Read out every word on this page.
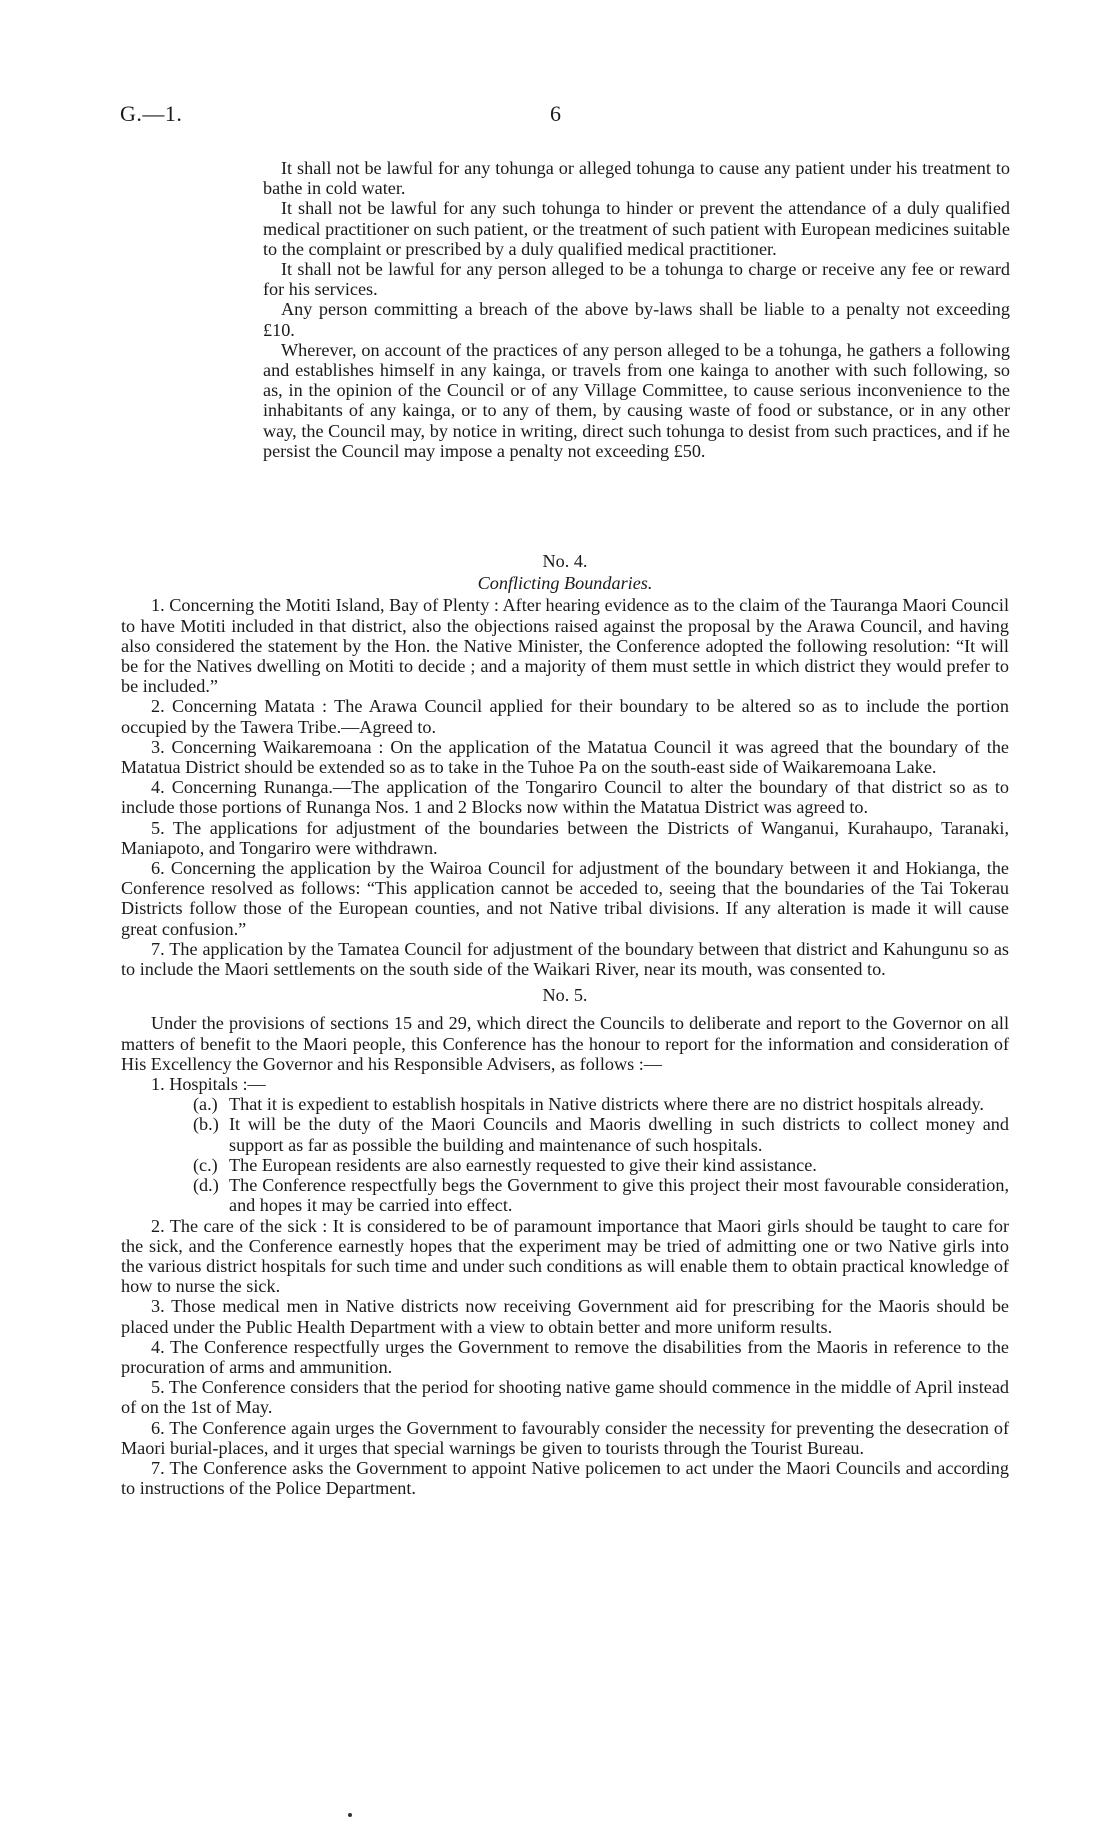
G.—1.	6

It shall not be lawful for any tohunga or alleged tohunga to cause any patient under his treatment to bathe in cold water.

It shall not be lawful for any such tohunga to hinder or prevent the attendance of a duly qualified medical practitioner on such patient, or the treatment of such patient with European medicines suitable to the complaint or prescribed by a duly qualified medical practitioner.

It shall not be lawful for any person alleged to be a tohunga to charge or receive any fee or reward for his services.

Any person committing a breach of the above by-laws shall be liable to a penalty not exceeding £10.

Wherever, on account of the practices of any person alleged to be a tohunga, he gathers a following and establishes himself in any kainga, or travels from one kainga to another with such following, so as, in the opinion of the Council or of any Village Committee, to cause serious inconvenience to the inhabitants of any kainga, or to any of them, by causing waste of food or substance, or in any other way, the Council may, by notice in writing, direct such tohunga to desist from such practices, and if he persist the Council may impose a penalty not exceeding £50.

No. 4.

Conflicting Boundaries.

1. Concerning the Motiti Island, Bay of Plenty : After hearing evidence as to the claim of the Tauranga Maori Council to have Motiti included in that district, also the objections raised against the proposal by the Arawa Council, and having also considered the statement by the Hon. the Native Minister, the Conference adopted the following resolution: “It will be for the Natives dwelling on Motiti to decide ; and a majority of them must settle in which district they would prefer to be included.”

2. Concerning Matata : The Arawa Council applied for their boundary to be altered so as to include the portion occupied by the Tawera Tribe.—Agreed to.

3. Concerning Waikaremoana : On the application of the Matatua Council it was agreed that the boundary of the Matatua District should be extended so as to take in the Tuhoe Pa on the south-east side of Waikaremoana Lake.

4. Concerning Runanga.—The application of the Tongariro Council to alter the boundary of that district so as to include those portions of Runanga Nos. 1 and 2 Blocks now within the Matatua District was agreed to.

5. The applications for adjustment of the boundaries between the Districts of Wanganui, Kurahaupo, Taranaki, Maniapoto, and Tongariro were withdrawn.

6. Concerning the application by the Wairoa Council for adjustment of the boundary between it and Hokianga, the Conference resolved as follows: “This application cannot be acceded to, seeing that the boundaries of the Tai Tokerau Districts follow those of the European counties, and not Native tribal divisions. If any alteration is made it will cause great confusion.”

7. The application by the Tamatea Council for adjustment of the boundary between that district and Kahungunu so as to include the Maori settlements on the south side of the Waikari River, near its mouth, was consented to.

No. 5.

Under the provisions of sections 15 and 29, which direct the Councils to deliberate and report to the Governor on all matters of benefit to the Maori people, this Conference has the honour to report for the information and consideration of His Excellency the Governor and his Responsible Advisers, as follows :—

1. Hospitals :—

(a.) That it is expedient to establish hospitals in Native districts where there are no district hospitals already.

(b.) It will be the duty of the Maori Councils and Maoris dwelling in such districts to collect money and support as far as possible the building and maintenance of such hospitals.

(c.) The European residents are also earnestly requested to give their kind assistance.

(d.) The Conference respectfully begs the Government to give this project their most favourable consideration, and hopes it may be carried into effect.

2. The care of the sick : It is considered to be of paramount importance that Maori girls should be taught to care for the sick, and the Conference earnestly hopes that the experiment may be tried of admitting one or two Native girls into the various district hospitals for such time and under such conditions as will enable them to obtain practical knowledge of how to nurse the sick.

3. Those medical men in Native districts now receiving Government aid for prescribing for the Maoris should be placed under the Public Health Department with a view to obtain better and more uniform results.

4. The Conference respectfully urges the Government to remove the disabilities from the Maoris in reference to the procuration of arms and ammunition.

5. The Conference considers that the period for shooting native game should commence in the middle of April instead of on the 1st of May.

6. The Conference again urges the Government to favourably consider the necessity for preventing the desecration of Maori burial-places, and it urges that special warnings be given to tourists through the Tourist Bureau.

7. The Conference asks the Government to appoint Native policemen to act under the Maori Councils and according to instructions of the Police Department.
